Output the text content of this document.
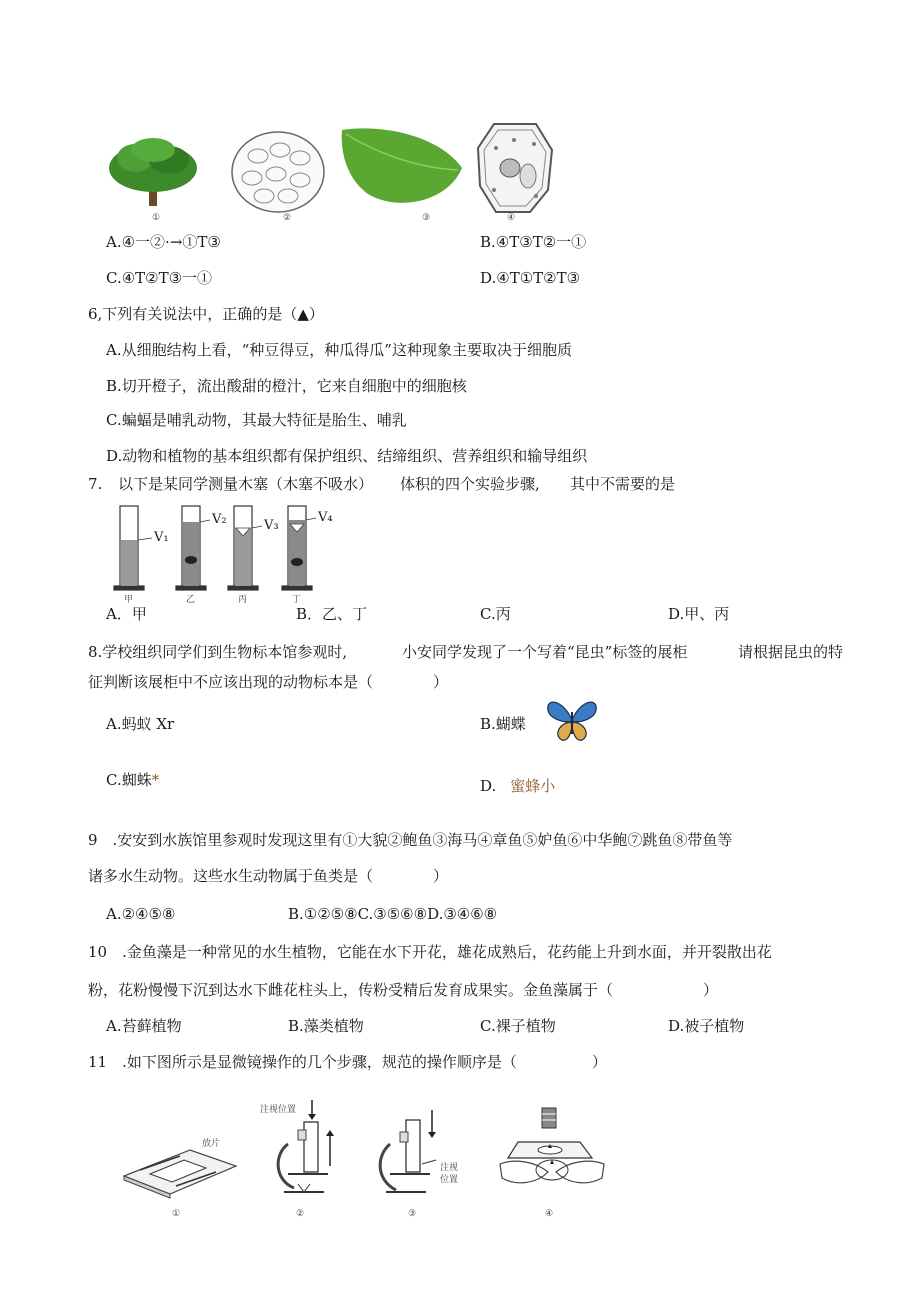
①	②	③	④
A.④一②·→①T③	B.④T③T②一①
C.④T②T③一①	D.④T①T②T③
6,下列有关说法中，正确的是（▲）
A.从细胞结构上看，“种豆得豆，种瓜得瓜”这种现象主要取决于细胞质
B.切开橙子，流出酸甜的橙汁，它来自细胞中的细胞核
C.蝙蝠是哺乳动物，其最大特征是胎生、哺乳
D.动物和植物的基本组织都有保护组织、结缔组织、营养组织和输导组织
7. 以下是某同学测量木塞（木塞不吸水） 体积的四个实验步骤, 其中不需要的是
V₁
V₂	V₃
V₄
甲	乙	丙	丁
A．甲	B．乙、丁	C.丙	D.甲、丙
8.学校组织同学们到生物标本馆参观时,	小安同学发现了一个写着“昆虫”标签的展柜	请根据昆虫的特
征判断该展柜中不应该出现的动物标本是（　　　　）
A.蚂蚁 Xr	B.蝴蝶
C.蜘蛛*	D. 蜜蜂小
9　.安安到水族馆里参观时发现这里有①大貌②鲍鱼③海马④章鱼⑤妒鱼⑥中华鲍⑦跳鱼⑧带鱼等
诸多水生动物。这些水生动物属于鱼类是（　　　　）
A.②④⑤⑧	B.①②⑤⑧C.③⑤⑥⑧D.③④⑥⑧
10　.金鱼藻是一种常见的水生植物，它能在水下开花，雄花成熟后，花药能上升到水面，并开裂散出花
粉，花粉慢慢下沉到达水下雌花柱头上，传粉受精后发育成果实。金鱼藻属于（　　　　　　）
A.苔藓植物	B.藻类植物	C.裸子植物	D.被子植物
11　.如下图所示是显微镜操作的几个步骤，规范的操作顺序是（　　　　　）
放片
①
注视位置
②
注视
位置
③	④
